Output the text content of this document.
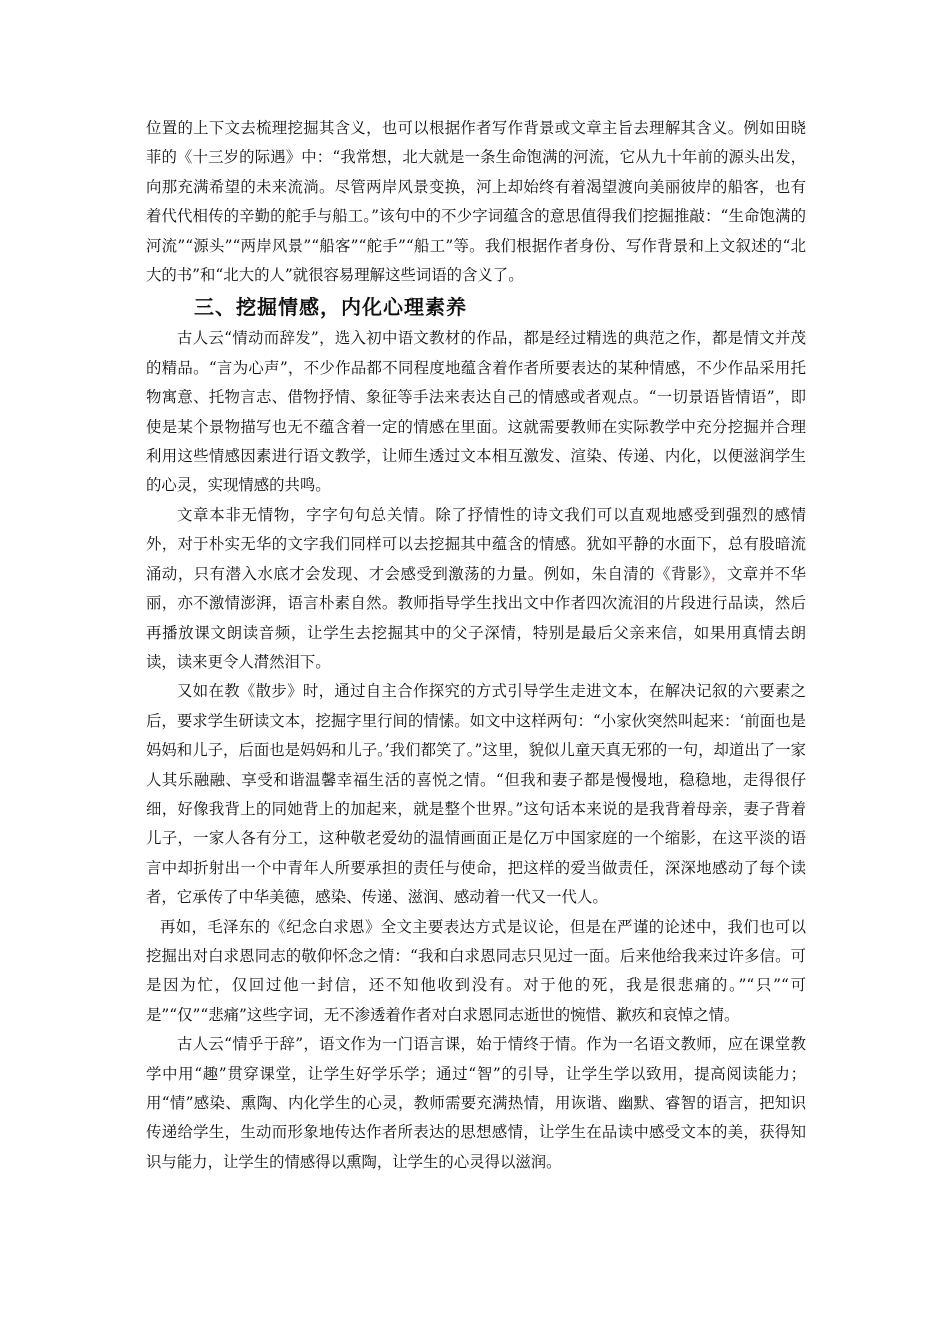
位置的上下文去梳理挖掘其含义，也可以根据作者写作背景或文章主旨去理解其含义。例如田晓菲的《十三岁的际遇》中：“我常想，北大就是一条生命饱满的河流，它从九十年前的源头出发，向那充满希望的未来流淌。尽管两岸风景变换，河上却始终有着渴望渡向美丽彼岸的船客，也有着代代相传的辛勤的舵手与船工。”该句中的不少字词蕴含的意思值得我们挖掘推敲：“生命饱满的河流”“源头”“两岸风景”“船客”“舵手”“船工”等。我们根据作者身份、写作背景和上文叙述的“北大的书”和“北大的人”就很容易理解这些词语的含义了。

三、挖掘情感，内化心理素养

古人云“情动而辞发”，选入初中语文教材的作品，都是经过精选的典范之作，都是情文并茂的精品。“言为心声”，不少作品都不同程度地蕴含着作者所要表达的某种情感，不少作品采用托物寓意、托物言志、借物抒情、象征等手法来表达自己的情感或者观点。“一切景语皆情语”，即使是某个景物描写也无不蕴含着一定的情感在里面。这就需要教师在实际教学中充分挖掘并合理利用这些情感因素进行语文教学，让师生透过文本相互激发、渲染、传递、内化，以便滋润学生的心灵，实现情感的共鸣。

文章本非无情物，字字句句总关情。除了抒情性的诗文我们可以直观地感受到强烈的感情外，对于朴实无华的文字我们同样可以去挖掘其中蕴含的情感。犹如平静的水面下，总有股暗流涌动，只有潜入水底才会发现、才会感受到激荡的力量。例如，朱自清的《背影》，文章并不华丽，亦不激情澎湃，语言朴素自然。教师指导学生找出文中作者四次流泪的片段进行品读，然后再播放课文朗读音频，让学生去挖掘其中的父子深情，特别是最后父亲来信，如果用真情去朗读，读来更令人潸然泪下。

又如在教《散步》时，通过自主合作探究的方式引导学生走进文本，在解决记叙的六要素之后，要求学生研读文本，挖掘字里行间的情愫。如文中这样两句：“小家伙突然叫起来：‘前面也是妈妈和儿子，后面也是妈妈和儿子。’我们都笑了。”这里，貌似儿童天真无邪的一句，却道出了一家人其乐融融、享受和谐温馨幸福生活的喜悦之情。“但我和妻子都是慢慢地，稳稳地，走得很仔细，好像我背上的同她背上的加起来，就是整个世界。”这句话本来说的是我背着母亲，妻子背着儿子，一家人各有分工，这种敬老爱幼的温情画面正是亿万中国家庭的一个缩影，在这平淡的语言中却折射出一个中青年人所要承担的责任与使命，把这样的爱当做责任，深深地感动了每个读者，它承传了中华美德，感染、传递、滋润、感动着一代又一代人。

再如，毛泽东的《纪念白求恩》全文主要表达方式是议论，但是在严谨的论述中，我们也可以挖掘出对白求恩同志的敬仰怀念之情：“我和白求恩同志只见过一面。后来他给我来过许多信。可是因为忙，仅回过他一封信，还不知他收到没有。对于他的死，我是很悲痛的。”“只”“可是”“仅”“悲痛”这些字词，无不渗透着作者对白求恩同志逝世的惋惜、歉疚和哀悼之情。

古人云“情乎于辞”，语文作为一门语言课，始于情终于情。作为一名语文教师，应在课堂教学中用“趣”贯穿课堂，让学生好学乐学；通过“智”的引导，让学生学以致用，提高阅读能力；用“情”感染、熏陶、内化学生的心灵，教师需要充满热情，用诙谐、幽默、睿智的语言，把知识传递给学生，生动而形象地传达作者所表达的思想感情，让学生在品读中感受文本的美，获得知识与能力，让学生的情感得以熏陶，让学生的心灵得以滋润。
